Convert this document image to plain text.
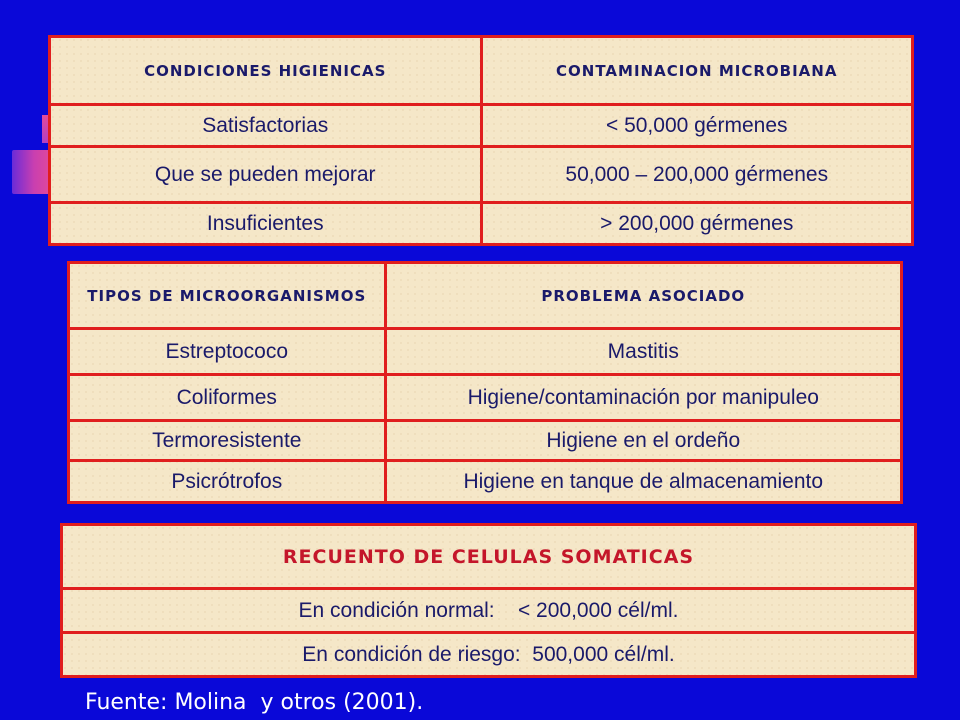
CONDICIONES HIGIENICAS	CONTAMINACION MICROBIANA
Satisfactorias	< 50,000 gérmenes
Que se pueden mejorar	50,000 – 200,000 gérmenes
Insuficientes	> 200,000 gérmenes
TIPOS DE MICROORGANISMOS	PROBLEMA ASOCIADO
Estreptococo	Mastitis
Coliformes	Higiene/contaminación por manipuleo
Termoresistente	Higiene en el ordeño
Psicrótrofos	Higiene en tanque de almacenamiento
RECUENTO DE CELULAS SOMATICAS
En condición normal:    < 200,000 cél/ml.
En condición de riesgo:  500,000 cél/ml.
Fuente: Molina  y otros (2001).
